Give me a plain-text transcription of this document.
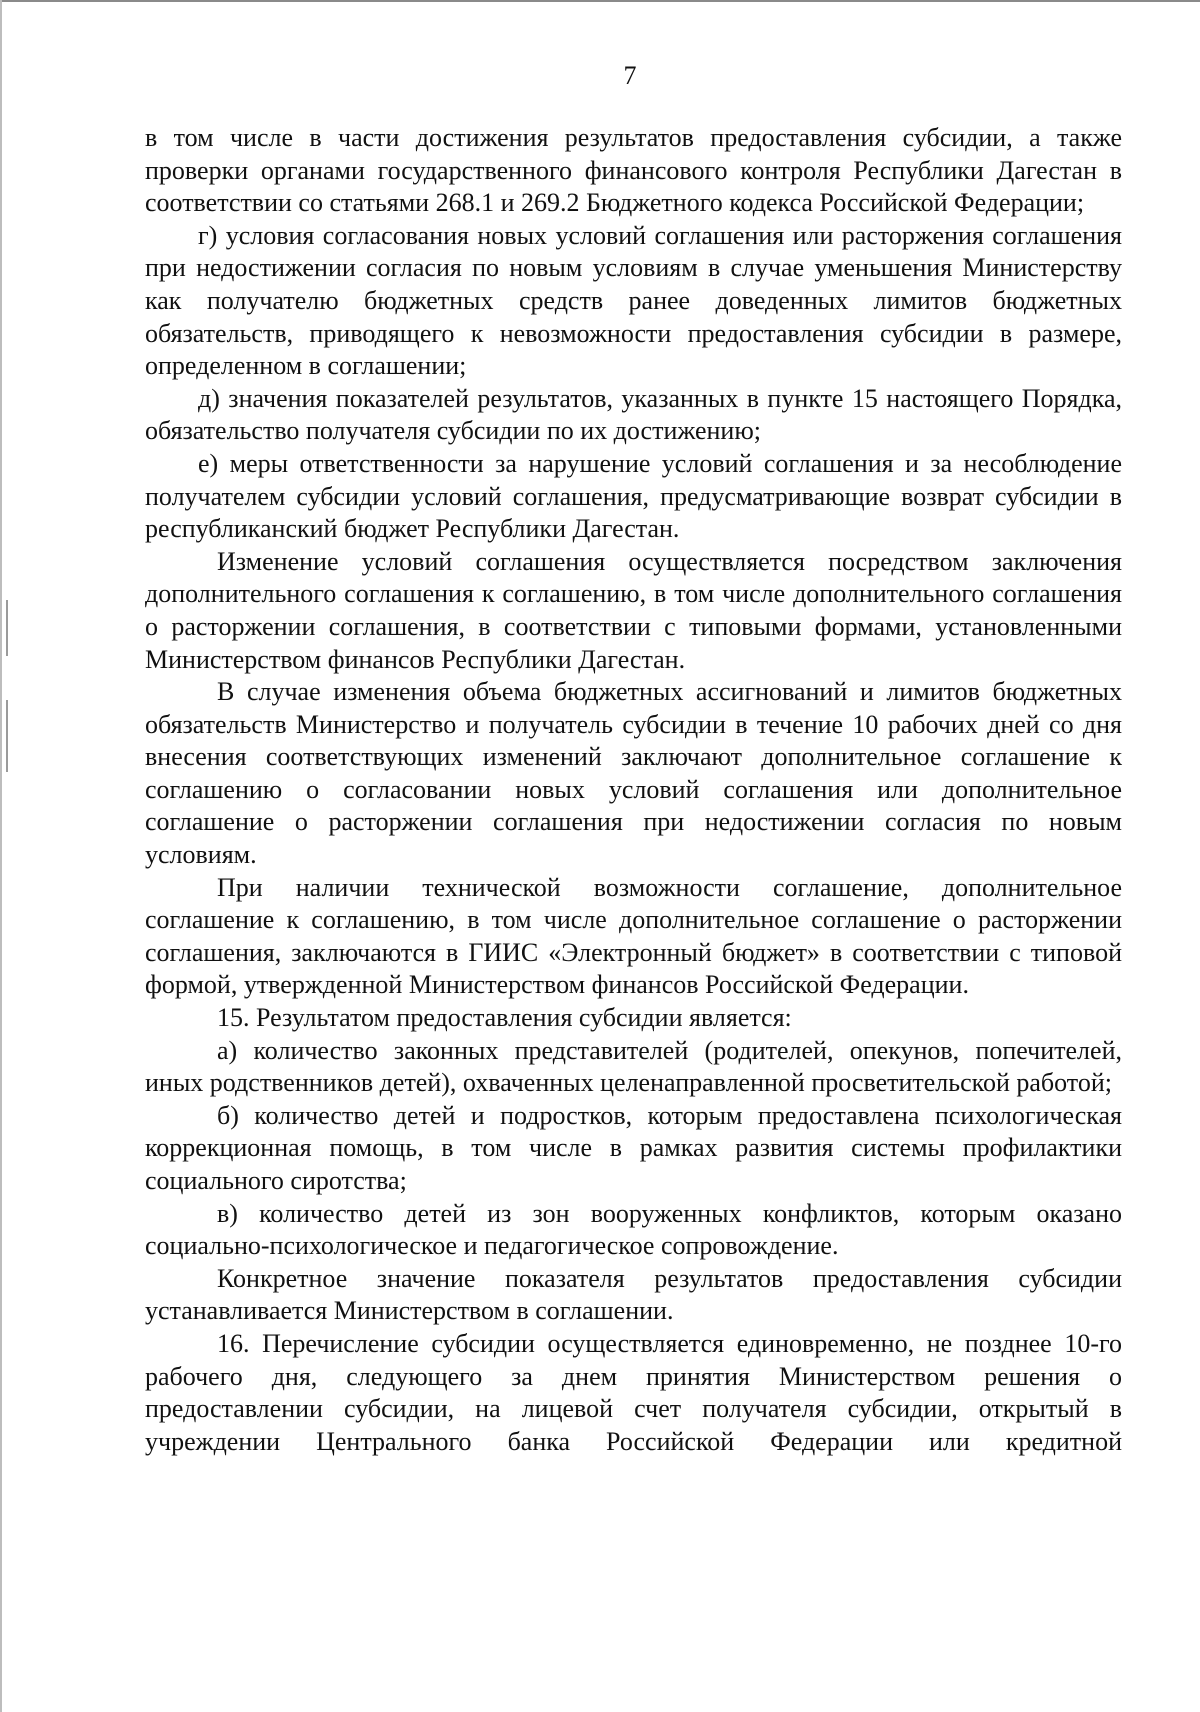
7

в том числе в части достижения результатов предоставления субсидии, а также проверки органами государственного финансового контроля Республики Дагестан в соответствии со статьями 268.1 и 269.2 Бюджетного кодекса Российской Федерации;

г) условия согласования новых условий соглашения или расторжения соглашения при недостижении согласия по новым условиям в случае уменьшения Министерству как получателю бюджетных средств ранее доведенных лимитов бюджетных обязательств, приводящего к невозможности предоставления субсидии в размере, определенном в соглашении;

д) значения показателей результатов, указанных в пункте 15 настоящего Порядка, обязательство получателя субсидии по их достижению;

е) меры ответственности за нарушение условий соглашения и за несоблюдение получателем субсидии условий соглашения, предусматривающие возврат субсидии в республиканский бюджет Республики Дагестан.

Изменение условий соглашения осуществляется посредством заключения дополнительного соглашения к соглашению, в том числе дополнительного соглашения о расторжении соглашения, в соответствии с типовыми формами, установленными Министерством финансов Республики Дагестан.

В случае изменения объема бюджетных ассигнований и лимитов бюджетных обязательств Министерство и получатель субсидии в течение 10 рабочих дней со дня внесения соответствующих изменений заключают дополнительное соглашение к соглашению о согласовании новых условий соглашения или дополнительное соглашение о расторжении соглашения при недостижении согласия по новым условиям.

При наличии технической возможности соглашение, дополнительное соглашение к соглашению, в том числе дополнительное соглашение о расторжении соглашения, заключаются в ГИИС «Электронный бюджет» в соответствии с типовой формой, утвержденной Министерством финансов Российской Федерации.

15. Результатом предоставления субсидии является:

а) количество законных представителей (родителей, опекунов, попечителей, иных родственников детей), охваченных целенаправленной просветительской работой;

б) количество детей и подростков, которым предоставлена психологическая коррекционная помощь, в том числе в рамках развития системы профилактики социального сиротства;

в) количество детей из зон вооруженных конфликтов, которым оказано социально-психологическое и педагогическое сопровождение.

Конкретное значение показателя результатов предоставления субсидии устанавливается Министерством в соглашении.

16. Перечисление субсидии осуществляется единовременно, не позднее 10-го рабочего дня, следующего за днем принятия Министерством решения о предоставлении субсидии, на лицевой счет получателя субсидии, открытый в учреждении Центрального банка Российской Федерации или кредитной
